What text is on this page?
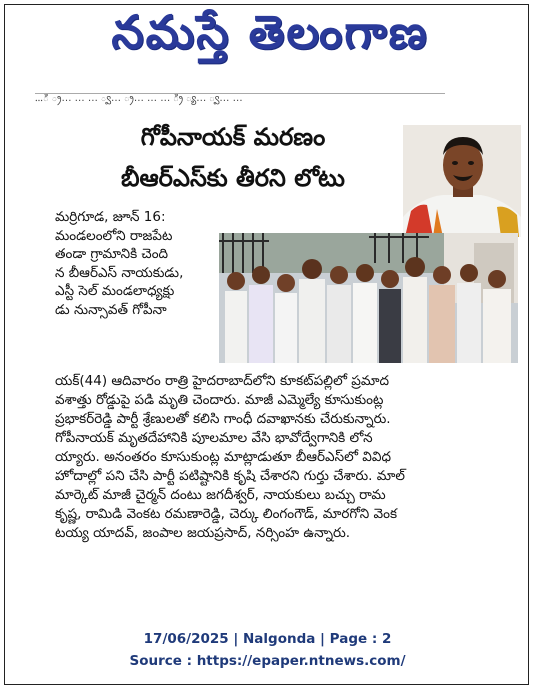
నమస్తే తెలంగాణ
…ి ్ర… … … ్వ… ్ర… … … ్రి ్య… ్వ… …
గోపీనాయక్ మరణం
బీఆర్ఎస్‌కు తీరని లోటు
మర్రిగూడ, జూన్ 16:
మండలంలోని రాజపేట
తండా గ్రామానికి చెంది
న బీఆర్ఎస్ నాయకుడు,
ఎస్టీ సెల్ మండలాధ్యక్షు
డు నున్సావత్ గోపీనా
యక్(44) ఆదివారం రాత్రి హైదరాబాద్‌లోని కూకట్‌పల్లిలో ప్రమాద
వశాత్తు రోడ్డుపై పడి మృతి చెందారు. మాజీ ఎమ్మెల్యే కూసుకుంట్ల
ప్రభాకర్‌రెడ్డి పార్టీ శ్రేణులతో కలిసి గాంధీ దవాఖానకు చేరుకున్నారు.
గోపీనాయక్ మృతదేహానికి పూలమాల వేసి భావోద్వేగానికి లోన
య్యారు. అనంతరం కూసుకుంట్ల మాట్లాడుతూ బీఆర్ఎస్‌లో వివిధ
హోదాల్లో పని చేసి పార్టీ పటిష్టానికి కృషి చేశారని గుర్తు చేశారు. మాల్
మార్కెట్ మాజీ చైర్మన్ దంటు జగదీశ్వర్, నాయకులు బచ్చు రామ
కృష్ణ, రామిడి వెంకట రమణారెడ్డి, చెర్కు లింగంగౌడ్, మారగోని వెంక
టయ్య యాదవ్, జంపాల జయప్రసాద్, నర్సింహ ఉన్నారు.
17/06/2025 | Nalgonda | Page : 2
Source : https://epaper.ntnews.com/
